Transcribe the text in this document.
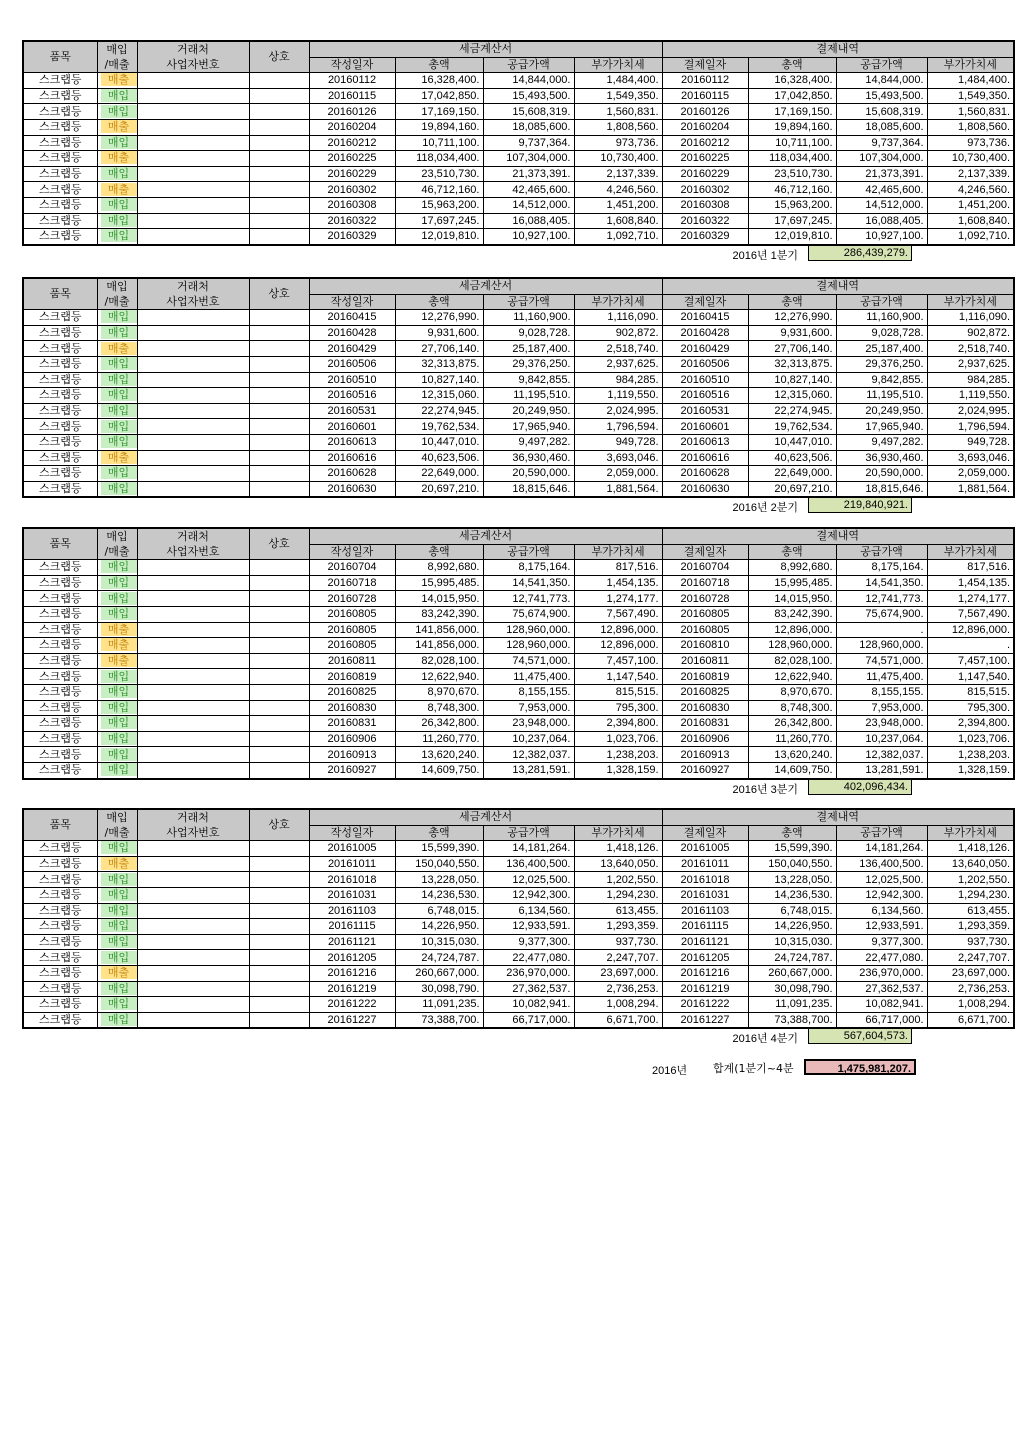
품목	매입	거래처	상호	세금계산서				결제내역			
	/매출	사업자번호		작성일자	총액	공급가액	부가가치세	결제일자	총액	공급가액	부가가치세
스크랩등	매출			20160112	16,328,400.	14,844,000.	1,484,400.	20160112	16,328,400.	14,844,000.	1,484,400.
스크랩등	매입			20160115	17,042,850.	15,493,500.	1,549,350.	20160115	17,042,850.	15,493,500.	1,549,350.
스크랩등	매입			20160126	17,169,150.	15,608,319.	1,560,831.	20160126	17,169,150.	15,608,319.	1,560,831.
스크랩등	매출			20160204	19,894,160.	18,085,600.	1,808,560.	20160204	19,894,160.	18,085,600.	1,808,560.
스크랩등	매입			20160212	10,711,100.	9,737,364.	973,736.	20160212	10,711,100.	9,737,364.	973,736.
스크랩등	매출			20160225	118,034,400.	107,304,000.	10,730,400.	20160225	118,034,400.	107,304,000.	10,730,400.
스크랩등	매입			20160229	23,510,730.	21,373,391.	2,137,339.	20160229	23,510,730.	21,373,391.	2,137,339.
스크랩등	매출			20160302	46,712,160.	42,465,600.	4,246,560.	20160302	46,712,160.	42,465,600.	4,246,560.
스크랩등	매입			20160308	15,963,200.	14,512,000.	1,451,200.	20160308	15,963,200.	14,512,000.	1,451,200.
스크랩등	매입			20160322	17,697,245.	16,088,405.	1,608,840.	20160322	17,697,245.	16,088,405.	1,608,840.
스크랩등	매입			20160329	12,019,810.	10,927,100.	1,092,710.	20160329	12,019,810.	10,927,100.	1,092,710.
2016년 1분기	286,439,279.
품목	매입	거래처	상호	세금계산서				결제내역			
	/매출	사업자번호		작성일자	총액	공급가액	부가가치세	결제일자	총액	공급가액	부가가치세
스크랩등	매입			20160415	12,276,990.	11,160,900.	1,116,090.	20160415	12,276,990.	11,160,900.	1,116,090.
스크랩등	매입			20160428	9,931,600.	9,028,728.	902,872.	20160428	9,931,600.	9,028,728.	902,872.
스크랩등	매출			20160429	27,706,140.	25,187,400.	2,518,740.	20160429	27,706,140.	25,187,400.	2,518,740.
스크랩등	매입			20160506	32,313,875.	29,376,250.	2,937,625.	20160506	32,313,875.	29,376,250.	2,937,625.
스크랩등	매입			20160510	10,827,140.	9,842,855.	984,285.	20160510	10,827,140.	9,842,855.	984,285.
스크랩등	매입			20160516	12,315,060.	11,195,510.	1,119,550.	20160516	12,315,060.	11,195,510.	1,119,550.
스크랩등	매입			20160531	22,274,945.	20,249,950.	2,024,995.	20160531	22,274,945.	20,249,950.	2,024,995.
스크랩등	매입			20160601	19,762,534.	17,965,940.	1,796,594.	20160601	19,762,534.	17,965,940.	1,796,594.
스크랩등	매입			20160613	10,447,010.	9,497,282.	949,728.	20160613	10,447,010.	9,497,282.	949,728.
스크랩등	매출			20160616	40,623,506.	36,930,460.	3,693,046.	20160616	40,623,506.	36,930,460.	3,693,046.
스크랩등	매입			20160628	22,649,000.	20,590,000.	2,059,000.	20160628	22,649,000.	20,590,000.	2,059,000.
스크랩등	매입			20160630	20,697,210.	18,815,646.	1,881,564.	20160630	20,697,210.	18,815,646.	1,881,564.
2016년 2분기	219,840,921.
품목	매입	거래처	상호	세금계산서				결제내역			
	/매출	사업자번호		작성일자	총액	공급가액	부가가치세	결제일자	총액	공급가액	부가가치세
스크랩등	매입			20160704	8,992,680.	8,175,164.	817,516.	20160704	8,992,680.	8,175,164.	817,516.
스크랩등	매입			20160718	15,995,485.	14,541,350.	1,454,135.	20160718	15,995,485.	14,541,350.	1,454,135.
스크랩등	매입			20160728	14,015,950.	12,741,773.	1,274,177.	20160728	14,015,950.	12,741,773.	1,274,177.
스크랩등	매입			20160805	83,242,390.	75,674,900.	7,567,490.	20160805	83,242,390.	75,674,900.	7,567,490.
스크랩등	매출			20160805	141,856,000.	128,960,000.	12,896,000.	20160805	12,896,000.	.	12,896,000.
스크랩등	매출			20160805	141,856,000.	128,960,000.	12,896,000.	20160810	128,960,000.	128,960,000.	.
스크랩등	매출			20160811	82,028,100.	74,571,000.	7,457,100.	20160811	82,028,100.	74,571,000.	7,457,100.
스크랩등	매입			20160819	12,622,940.	11,475,400.	1,147,540.	20160819	12,622,940.	11,475,400.	1,147,540.
스크랩등	매입			20160825	8,970,670.	8,155,155.	815,515.	20160825	8,970,670.	8,155,155.	815,515.
스크랩등	매입			20160830	8,748,300.	7,953,000.	795,300.	20160830	8,748,300.	7,953,000.	795,300.
스크랩등	매입			20160831	26,342,800.	23,948,000.	2,394,800.	20160831	26,342,800.	23,948,000.	2,394,800.
스크랩등	매입			20160906	11,260,770.	10,237,064.	1,023,706.	20160906	11,260,770.	10,237,064.	1,023,706.
스크랩등	매입			20160913	13,620,240.	12,382,037.	1,238,203.	20160913	13,620,240.	12,382,037.	1,238,203.
스크랩등	매입			20160927	14,609,750.	13,281,591.	1,328,159.	20160927	14,609,750.	13,281,591.	1,328,159.
2016년 3분기	402,096,434.
품목	매입	거래처	상호	세금계산서				결제내역			
	/매출	사업자번호		작성일자	총액	공급가액	부가가치세	결제일자	총액	공급가액	부가가치세
스크랩등	매입			20161005	15,599,390.	14,181,264.	1,418,126.	20161005	15,599,390.	14,181,264.	1,418,126.
스크랩등	매출			20161011	150,040,550.	136,400,500.	13,640,050.	20161011	150,040,550.	136,400,500.	13,640,050.
스크랩등	매입			20161018	13,228,050.	12,025,500.	1,202,550.	20161018	13,228,050.	12,025,500.	1,202,550.
스크랩등	매입			20161031	14,236,530.	12,942,300.	1,294,230.	20161031	14,236,530.	12,942,300.	1,294,230.
스크랩등	매입			20161103	6,748,015.	6,134,560.	613,455.	20161103	6,748,015.	6,134,560.	613,455.
스크랩등	매입			20161115	14,226,950.	12,933,591.	1,293,359.	20161115	14,226,950.	12,933,591.	1,293,359.
스크랩등	매입			20161121	10,315,030.	9,377,300.	937,730.	20161121	10,315,030.	9,377,300.	937,730.
스크랩등	매입			20161205	24,724,787.	22,477,080.	2,247,707.	20161205	24,724,787.	22,477,080.	2,247,707.
스크랩등	매출			20161216	260,667,000.	236,970,000.	23,697,000.	20161216	260,667,000.	236,970,000.	23,697,000.
스크랩등	매입			20161219	30,098,790.	27,362,537.	2,736,253.	20161219	30,098,790.	27,362,537.	2,736,253.
스크랩등	매입			20161222	11,091,235.	10,082,941.	1,008,294.	20161222	11,091,235.	10,082,941.	1,008,294.
스크랩등	매입			20161227	73,388,700.	66,717,000.	6,671,700.	20161227	73,388,700.	66,717,000.	6,671,700.
2016년 4분기	567,604,573.
2016년 합계(1분기~4분	1,475,981,207.
